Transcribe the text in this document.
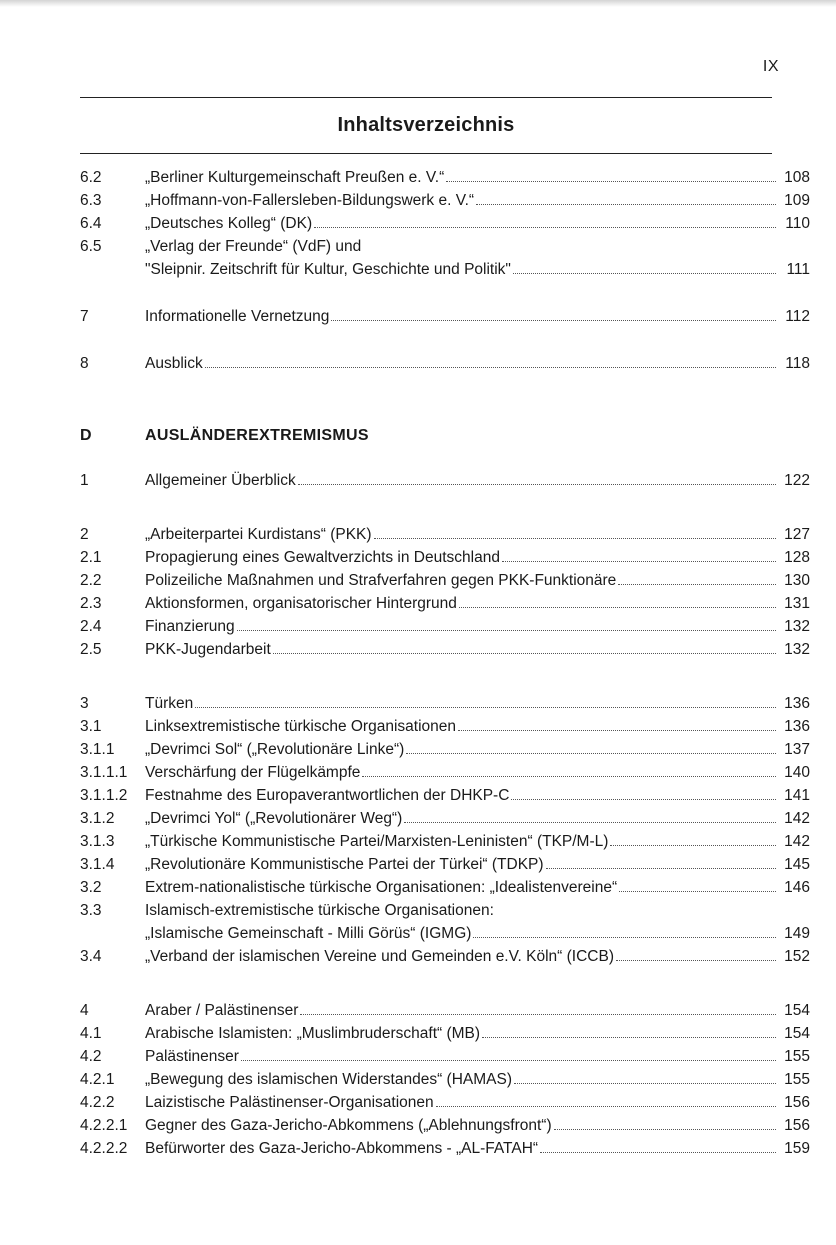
IX
Inhaltsverzeichnis
6.2	„Berliner Kulturgemeinschaft Preußen e. V.“	108
6.3	„Hoffmann-von-Fallersleben-Bildungswerk e. V.“	109
6.4	„Deutsches Kolleg“ (DK)	110
6.5	„Verlag der Freunde“ (VdF) und
"Sleipnir. Zeitschrift für Kultur, Geschichte und Politik"	111
7	Informationelle Vernetzung	112
8	Ausblick	118
D	AUSLÄNDEREXTREMISMUS
1	Allgemeiner Überblick	122
2	„Arbeiterpartei Kurdistans“ (PKK)	127
2.1	Propagierung eines Gewaltverzichts in Deutschland	128
2.2	Polizeiliche Maßnahmen und Strafverfahren gegen PKK-Funktionäre	130
2.3	Aktionsformen, organisatorischer Hintergrund	131
2.4	Finanzierung	132
2.5	PKK-Jugendarbeit	132
3	Türken	136
3.1	Linksextremistische türkische Organisationen	136
3.1.1 „Devrimci Sol“ („Revolutionäre Linke“)	137
3.1.1.1 Verschärfung der Flügelkämpfe	140
3.1.1.2 Festnahme des Europaverantwortlichen der DHKP-C	141
3.1.2 „Devrimci Yol“ („Revolutionärer Weg“)	142
3.1.3 „Türkische Kommunistische Partei/Marxisten-Leninisten“ (TKP/M-L)	142
3.1.4 „Revolutionäre Kommunistische Partei der Türkei“ (TDKP)	145
3.2	Extrem-nationalistische türkische Organisationen: „Idealistenvereine“	146
3.3	Islamisch-extremistische türkische Organisationen:
„Islamische Gemeinschaft - Milli Görüs“ (IGMG)	149
3.4	„Verband der islamischen Vereine und Gemeinden e.V. Köln“ (ICCB)	152
4	Araber / Palästinenser	154
4.1	Arabische Islamisten: „Muslimbruderschaft“ (MB)	154
4.2	Palästinenser	155
4.2.1 „Bewegung des islamischen Widerstandes“ (HAMAS)	155
4.2.2 Laizistische Palästinenser-Organisationen	156
4.2.2.1 Gegner des Gaza-Jericho-Abkommens („Ablehnungsfront“)	156
4.2.2.2 Befürworter des Gaza-Jericho-Abkommens - „AL-FATAH“	159
